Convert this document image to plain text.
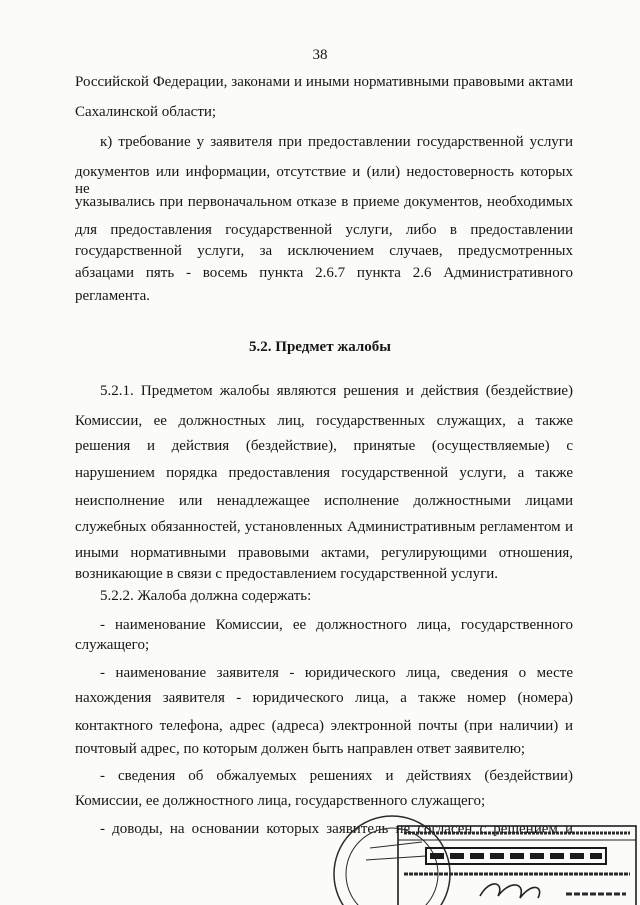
38
Российской Федерации, законами и иными нормативными правовыми актами
Сахалинской области;
к) требование у заявителя при предоставлении государственной услуги
документов или информации, отсутствие и (или) недостоверность которых не
указывались при первоначальном отказе в приеме документов, необходимых
для предоставления государственной услуги, либо в предоставлении
государственной услуги, за исключением случаев, предусмотренных
абзацами пять - восемь пункта 2.6.7 пункта 2.6 Административного
регламента.
5.2. Предмет жалобы
5.2.1. Предметом жалобы являются решения и действия (бездействие)
Комиссии, ее должностных лиц, государственных служащих, а также
решения и действия (бездействие), принятые (осуществляемые) с
нарушением порядка предоставления государственной услуги, а также
неисполнение или ненадлежащее исполнение должностными лицами
служебных обязанностей, установленных Административным регламентом и
иными нормативными правовыми актами, регулирующими отношения,
возникающие в связи с предоставлением государственной услуги.
5.2.2. Жалоба должна содержать:
- наименование Комиссии, ее должностного лица, государственного
служащего;
- наименование заявителя - юридического лица, сведения о месте
нахождения заявителя - юридического лица, а также номер (номера)
контактного телефона, адрес (адреса) электронной почты (при наличии) и
почтовый адрес, по которым должен быть направлен ответ заявителю;
- сведения об обжалуемых решениях и действиях (бездействии)
Комиссии, ее должностного лица, государственного служащего;
- доводы, на основании которых заявитель не согласен с решением и
